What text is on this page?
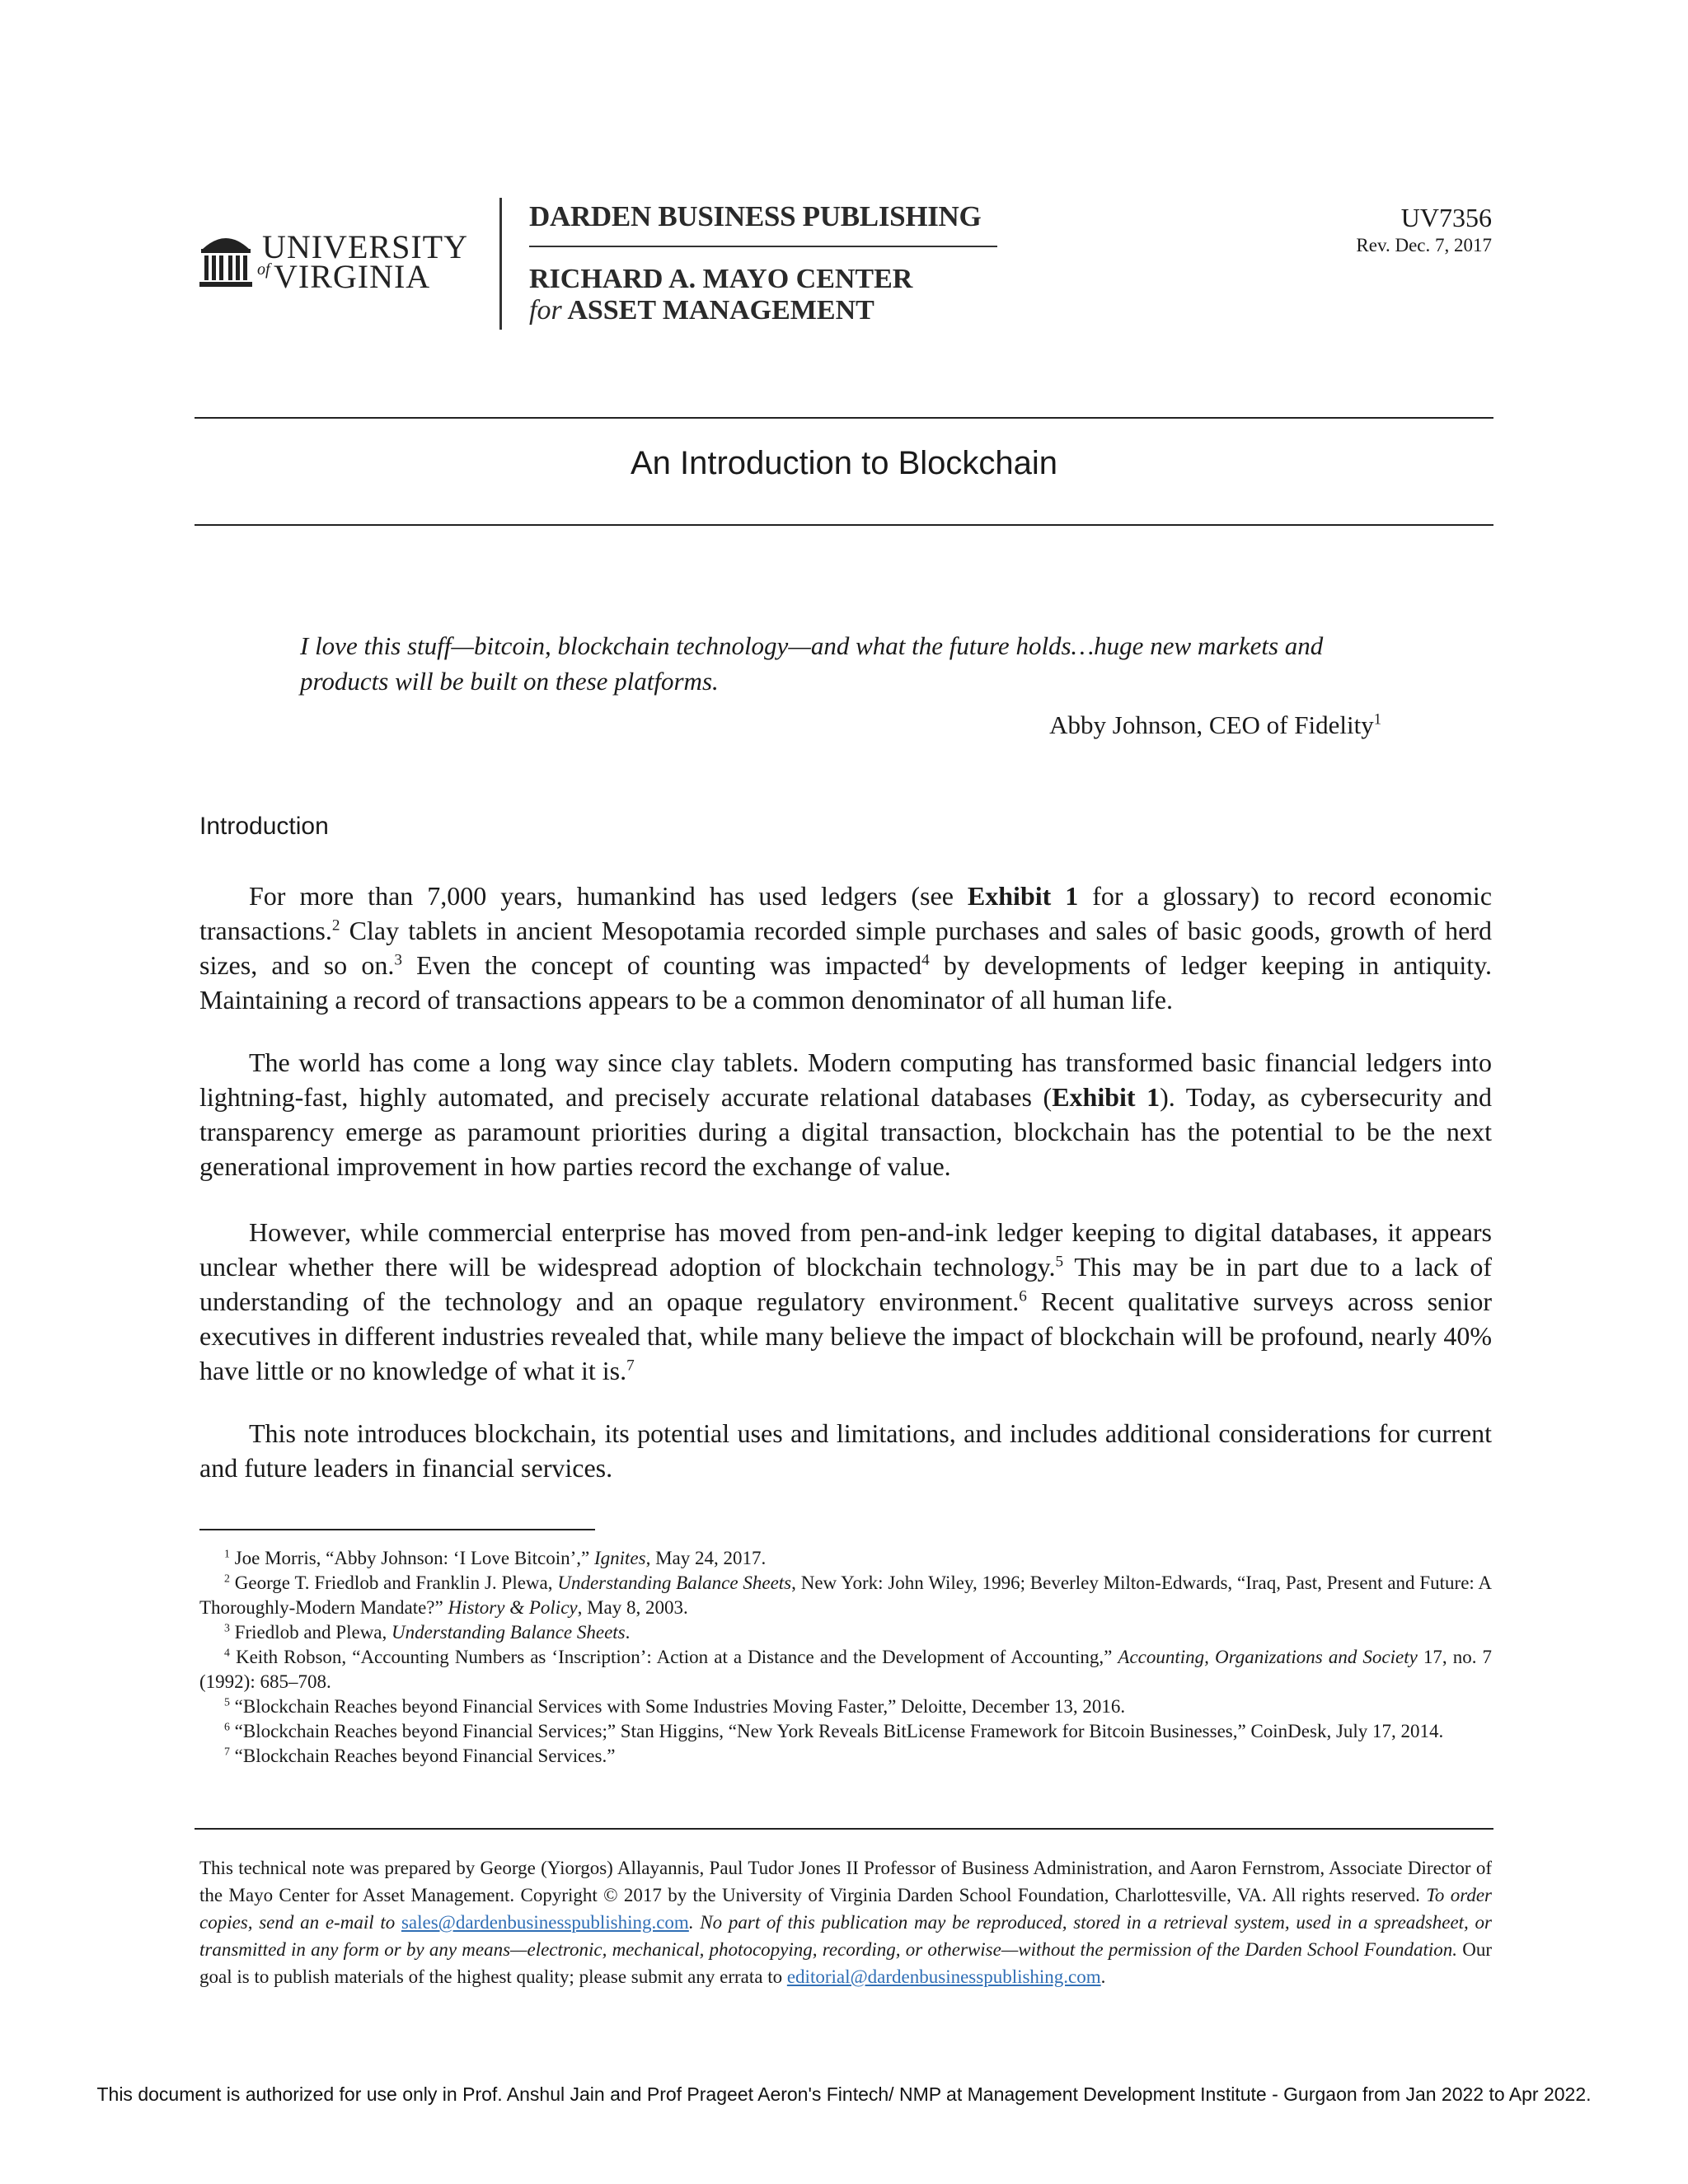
UNIVERSITY
of VIRGINIA
DARDEN BUSINESS PUBLISHING
RICHARD A. MAYO CENTER
for ASSET MANAGEMENT
UV7356
Rev. Dec. 7, 2017
An Introduction to Blockchain
I love this stuff—bitcoin, blockchain technology—and what the future holds…huge new markets and products will be built on these platforms.
Abby Johnson, CEO of Fidelity$^1$
Introduction

For more than 7,000 years, humankind has used ledgers (see Exhibit 1 for a glossary) to record economic transactions.$^2$ Clay tablets in ancient Mesopotamia recorded simple purchases and sales of basic goods, growth of herd sizes, and so on.$^3$ Even the concept of counting was impacted$^4$ by developments of ledger keeping in antiquity. Maintaining a record of transactions appears to be a common denominator of all human life.

The world has come a long way since clay tablets. Modern computing has transformed basic financial ledgers into lightning-fast, highly automated, and precisely accurate relational databases (Exhibit 1). Today, as cybersecurity and transparency emerge as paramount priorities during a digital transaction, blockchain has the potential to be the next generational improvement in how parties record the exchange of value.

However, while commercial enterprise has moved from pen-and-ink ledger keeping to digital databases, it appears unclear whether there will be widespread adoption of blockchain technology.$^5$ This may be in part due to a lack of understanding of the technology and an opaque regulatory environment.$^6$ Recent qualitative surveys across senior executives in different industries revealed that, while many believe the impact of blockchain will be profound, nearly 40% have little or no knowledge of what it is.$^7$

This note introduces blockchain, its potential uses and limitations, and includes additional considerations for current and future leaders in financial services.

$^1$ Joe Morris, “Abby Johnson: ‘I Love Bitcoin’,” Ignites, May 24, 2017.

$^2$ George T. Friedlob and Franklin J. Plewa, Understanding Balance Sheets, New York: John Wiley, 1996; Beverley Milton-Edwards, “Iraq, Past, Present and Future: A Thoroughly-Modern Mandate?” History & Policy, May 8, 2003.

$^3$ Friedlob and Plewa, Understanding Balance Sheets.

$^4$ Keith Robson, “Accounting Numbers as ‘Inscription’: Action at a Distance and the Development of Accounting,” Accounting, Organizations and Society 17, no. 7 (1992): 685–708.

$^5$ “Blockchain Reaches beyond Financial Services with Some Industries Moving Faster,” Deloitte, December 13, 2016.

$^6$ “Blockchain Reaches beyond Financial Services;” Stan Higgins, “New York Reveals BitLicense Framework for Bitcoin Businesses,” CoinDesk, July 17, 2014.

$^7$ “Blockchain Reaches beyond Financial Services.”

This technical note was prepared by George (Yiorgos) Allayannis, Paul Tudor Jones II Professor of Business Administration, and Aaron Fernstrom, Associate Director of the Mayo Center for Asset Management. Copyright © 2017 by the University of Virginia Darden School Foundation, Charlottesville, VA. All rights reserved. To order copies, send an e-mail to sales@dardenbusinesspublishing.com. No part of this publication may be reproduced, stored in a retrieval system, used in a spreadsheet, or transmitted in any form or by any means—electronic, mechanical, photocopying, recording, or otherwise—without the permission of the Darden School Foundation. Our goal is to publish materials of the highest quality; please submit any errata to editorial@dardenbusinesspublishing.com.

This document is authorized for use only in Prof. Anshul Jain and Prof Prageet Aeron's Fintech/ NMP at Management Development Institute - Gurgaon from Jan 2022 to Apr 2022.
